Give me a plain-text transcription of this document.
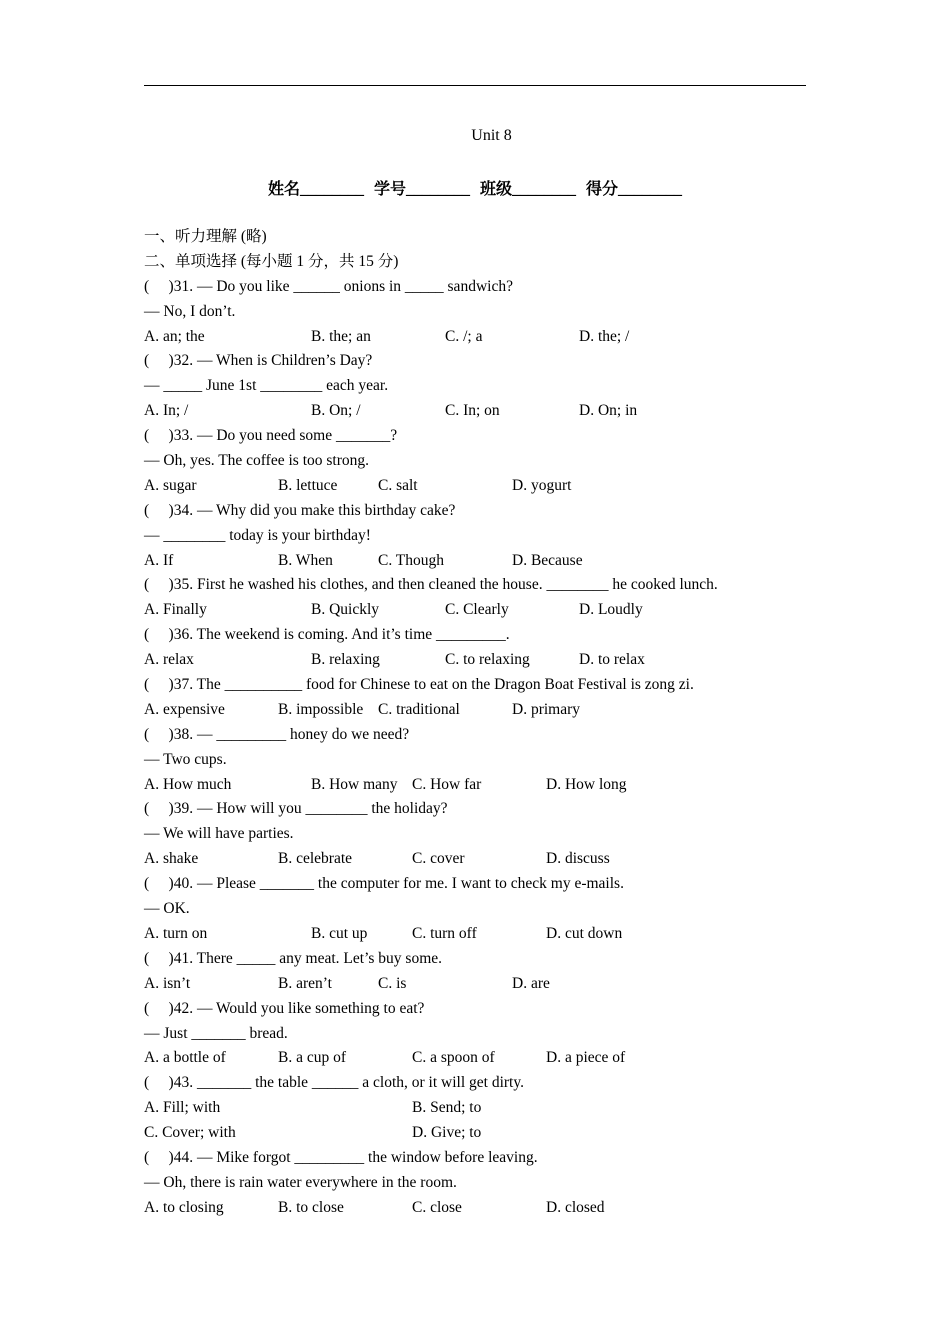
Unit 8
姓名________ 学号________ 班级________ 得分________
一、听力理解 (略)
二、单项选择 (每小题 1 分，共 15 分)
(     )31. — Do you like ______ onions in _____ sandwich?
— No, I don’t.
A. an; the	B. the; an	C. /; a	D. the; /
(     )32. — When is Children’s Day?
— _____ June 1st ________ each year.
A. In; /	B. On; /	C. In; on	D. On; in
(     )33. — Do you need some _______?
— Oh, yes. The coffee is too strong.
A. sugar	B. lettuce	C. salt	D. yogurt
(     )34. — Why did you make this birthday cake?
— ________ today is your birthday!
A. If	B. When	C. Though	D. Because
(     )35. First he washed his clothes, and then cleaned the house. ________ he cooked lunch.
A. Finally	B. Quickly	C. Clearly	D. Loudly
(     )36. The weekend is coming. And it’s time _________.
A. relax	B. relaxing	C. to relaxing	D. to relax
(     )37. The __________ food for Chinese to eat on the Dragon Boat Festival is zong zi.
A. expensive	B. impossible C. traditional	D. primary
(     )38. — _________ honey do we need?
— Two cups.
A. How much	B. How many C. How far	D. How long
(     )39. — How will you ________ the holiday?
— We will have parties.
A. shake	B. celebrate	C. cover	D. discuss
(     )40. — Please _______ the computer for me. I want to check my e-mails.
— OK.
A. turn on	B. cut up	C. turn off	D. cut down
(     )41. There _____ any meat. Let’s buy some.
A. isn’t	B. aren’t	C. is	D. are
(     )42. — Would you like something to eat?
— Just _______ bread.
A. a bottle of	B. a cup of	C. a spoon of	D. a piece of
(     )43. _______ the table ______ a cloth, or it will get dirty.
A. Fill; with	B. Send; to
C. Cover; with	D. Give; to
(     )44. — Mike forgot _________ the window before leaving.
— Oh, there is rain water everywhere in the room.
A. to closing	B. to close	C. close	D. closed
